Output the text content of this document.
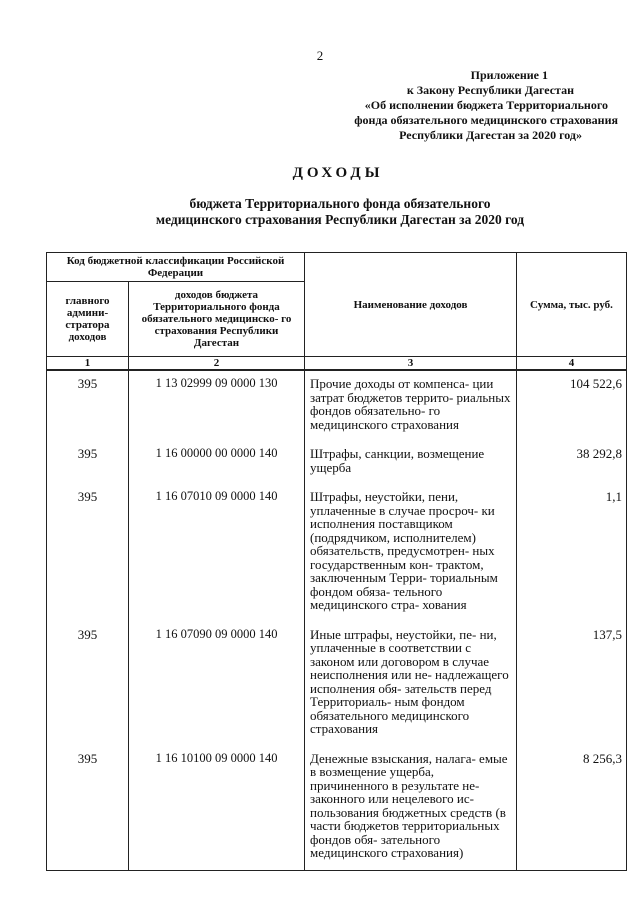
2
Приложение 1
к Закону Республики Дагестан
«Об исполнении бюджета Территориального
фонда обязательного медицинского страхования
Республики Дагестан за 2020 год»
ДОХОДЫ
бюджета Территориального фонда обязательного
медицинского страхования Республики Дагестан за 2020 год
Код бюджетной классификации Российской Федерации		Наименование доходов	Сумма, тыс. руб.
главного админи- стратора доходов	доходов бюджета Территориального фонда обязательного медицинско- го страхования Республики Дагестан		
1	2	3	4
395	1 13 02999 09 0000 130	Прочие доходы от компенса- ции затрат бюджетов террито- риальных фондов обязательно- го медицинского страхования	104 522,6
395	1 16 00000 00 0000 140	Штрафы, санкции, возмещение ущерба	38 292,8
395	1 16 07010 09 0000 140	Штрафы, неустойки, пени, уплаченные в случае просроч- ки исполнения поставщиком (подрядчиком, исполнителем) обязательств, предусмотрен- ных государственным кон- трактом, заключенным Терри- ториальным фондом обяза- тельного медицинского стра- хования	1,1
395	1 16 07090 09 0000 140	Иные штрафы, неустойки, пе- ни, уплаченные в соответствии с законом или договором в случае неисполнения или не- надлежащего исполнения обя- зательств перед Территориаль- ным фондом обязательного медицинского страхования	137,5
395	1 16 10100 09 0000 140	Денежные взыскания, налага- емые в возмещение ущерба, причиненного в результате не- законного или нецелевого ис- пользования бюджетных средств (в части бюджетов территориальных фондов обя- зательного медицинского страхования)	8 256,3
